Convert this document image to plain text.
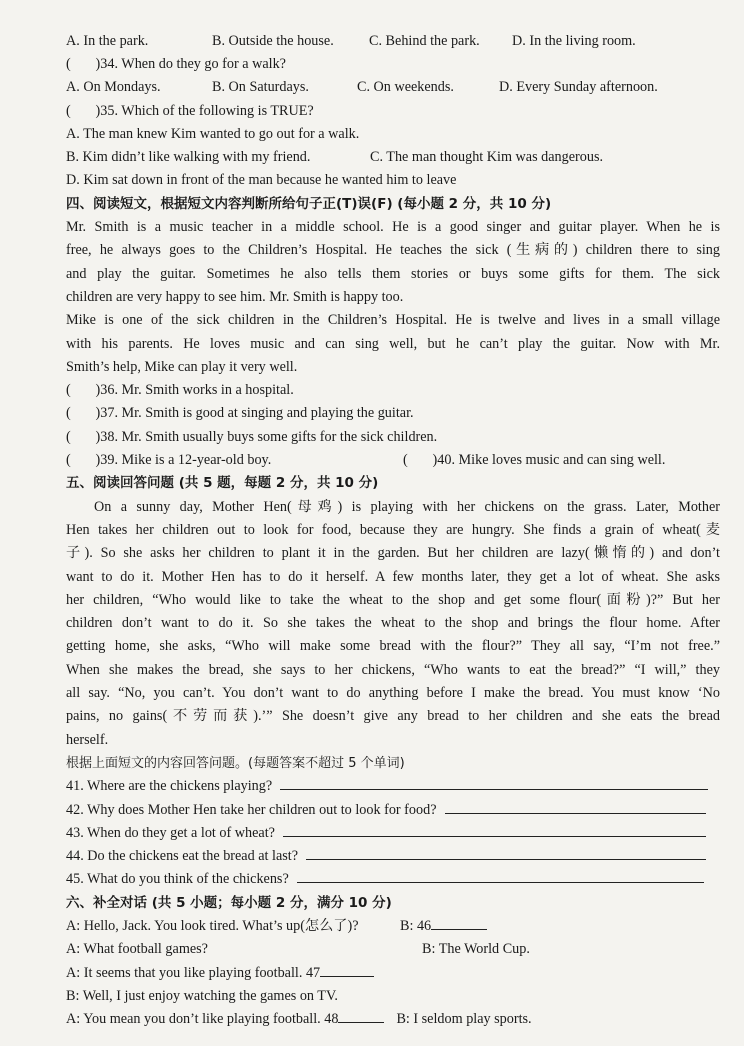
A. In the park.	B. Outside the house. C. Behind the park. D. In the living room.
(       )34. When do they go for a walk?
A. On Mondays.	B. On Saturdays.	C. On weekends.	D. Every Sunday afternoon.
(       )35. Which of the following is TRUE?
A. The man knew Kim wanted to go out for a walk.
B. Kim didn’t like walking with my friend.	C. The man thought Kim was dangerous.
D. Kim sat down in front of the man because he wanted him to leave
四、阅读短文，根据短文内容判断所给句子正(T)误(F) (每小题 2 分，共 10 分)
Mr. Smith is a music teacher in a middle school. He is a good singer and guitar player. When he is
free, he always goes to the Children’s Hospital. He teaches the sick (生病的) children there to sing
and play the guitar. Sometimes he also tells them stories or buys some gifts for them. The sick
children are very happy to see him. Mr. Smith is happy too.
Mike is one of the sick children in the Children’s Hospital. He is twelve and lives in a small village
with his parents. He loves music and can sing well, but he can’t play the guitar. Now with Mr.
Smith’s help, Mike can play it very well.
(       )36. Mr. Smith works in a hospital.
(       )37. Mr. Smith is good at singing and playing the guitar.
(       )38. Mr. Smith usually buys some gifts for the sick children.
(       )39. Mike is a 12-year-old boy.	(       )40. Mike loves music and can sing well.
五、阅读回答问题 (共 5 题，每题 2 分，共 10 分)
On a sunny day, Mother Hen(母鸡) is playing with her chickens on the grass. Later, Mother
Hen takes her children out to look for food, because they are hungry. She finds a grain of wheat(麦
子). So she asks her children to plant it in the garden. But her children are lazy(懒惰的) and don’t
want to do it. Mother Hen has to do it herself. A few months later, they get a lot of wheat. She asks
her children, “Who would like to take the wheat to the shop and get some flour(面粉)?” But her
children don’t want to do it. So she takes the wheat to the shop and brings the flour home. After
getting home, she asks, “Who will make some bread with the flour?” They all say, “I’m not free.”
When she makes the bread, she says to her chickens, “Who wants to eat the bread?” “I will,” they
all say. “No, you can’t. You don’t want to do anything before I make the bread. You must know ‘No
pains, no gains(不劳而获).’” She doesn’t give any bread to her children and she eats the bread
herself.
根据上面短文的内容回答问题。(每题答案不超过 5 个单词)
41. Where are the chickens playing?
42. Why does Mother Hen take her children out to look for food?
43. When do they get a lot of wheat?
44. Do the chickens eat the bread at last?
45. What do you think of the chickens?
六、补全对话 (共 5 小题；每小题 2 分，满分 10 分)
A: Hello, Jack. You look tired. What’s up(怎么了)?	B: 46
A: What football games?	B: The World Cup.
A: It seems that you like playing football. 47
B: Well, I just enjoy watching the games on TV.
A: You mean you don’t like playing football. 48	B: I seldom play sports.
